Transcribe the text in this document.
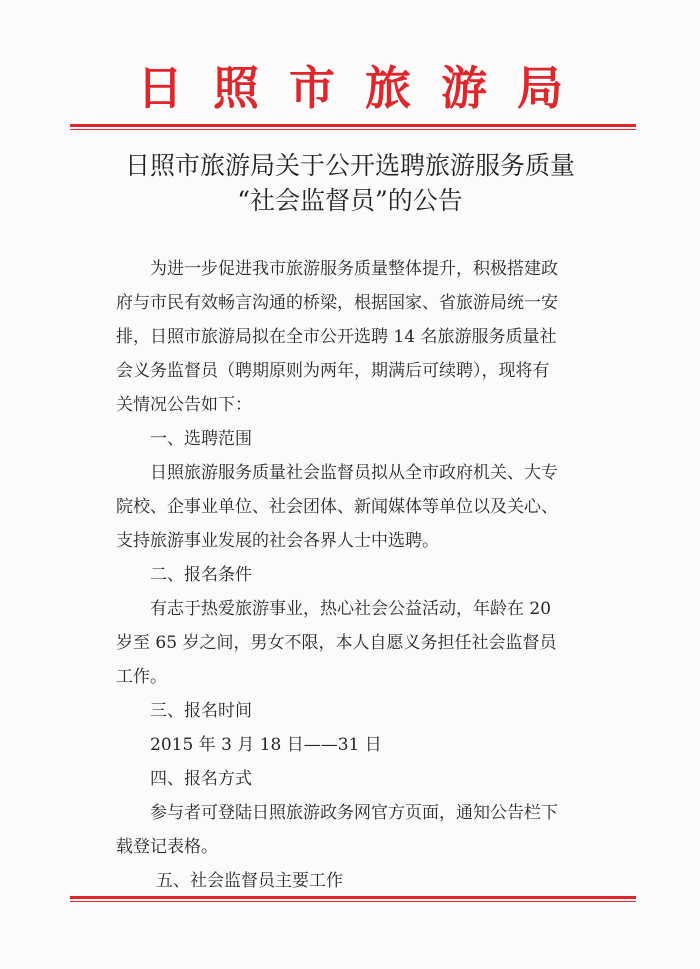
日照市旅游局
日照市旅游局关于公开选聘旅游服务质量
“社会监督员”的公告
为进一步促进我市旅游服务质量整体提升，积极搭建政
府与市民有效畅言沟通的桥梁，根据国家、省旅游局统一安
排，日照市旅游局拟在全市公开选聘 14 名旅游服务质量社
会义务监督员（聘期原则为两年，期满后可续聘），现将有
关情况公告如下：
一、选聘范围
日照旅游服务质量社会监督员拟从全市政府机关、大专
院校、企事业单位、社会团体、新闻媒体等单位以及关心、
支持旅游事业发展的社会各界人士中选聘。
二、报名条件
有志于热爱旅游事业，热心社会公益活动，年龄在 20
岁至 65 岁之间，男女不限，本人自愿义务担任社会监督员
工作。
三、报名时间
2015 年 3 月 18 日——31 日
四、报名方式
参与者可登陆日照旅游政务网官方页面，通知公告栏下
载登记表格。
五、社会监督员主要工作
